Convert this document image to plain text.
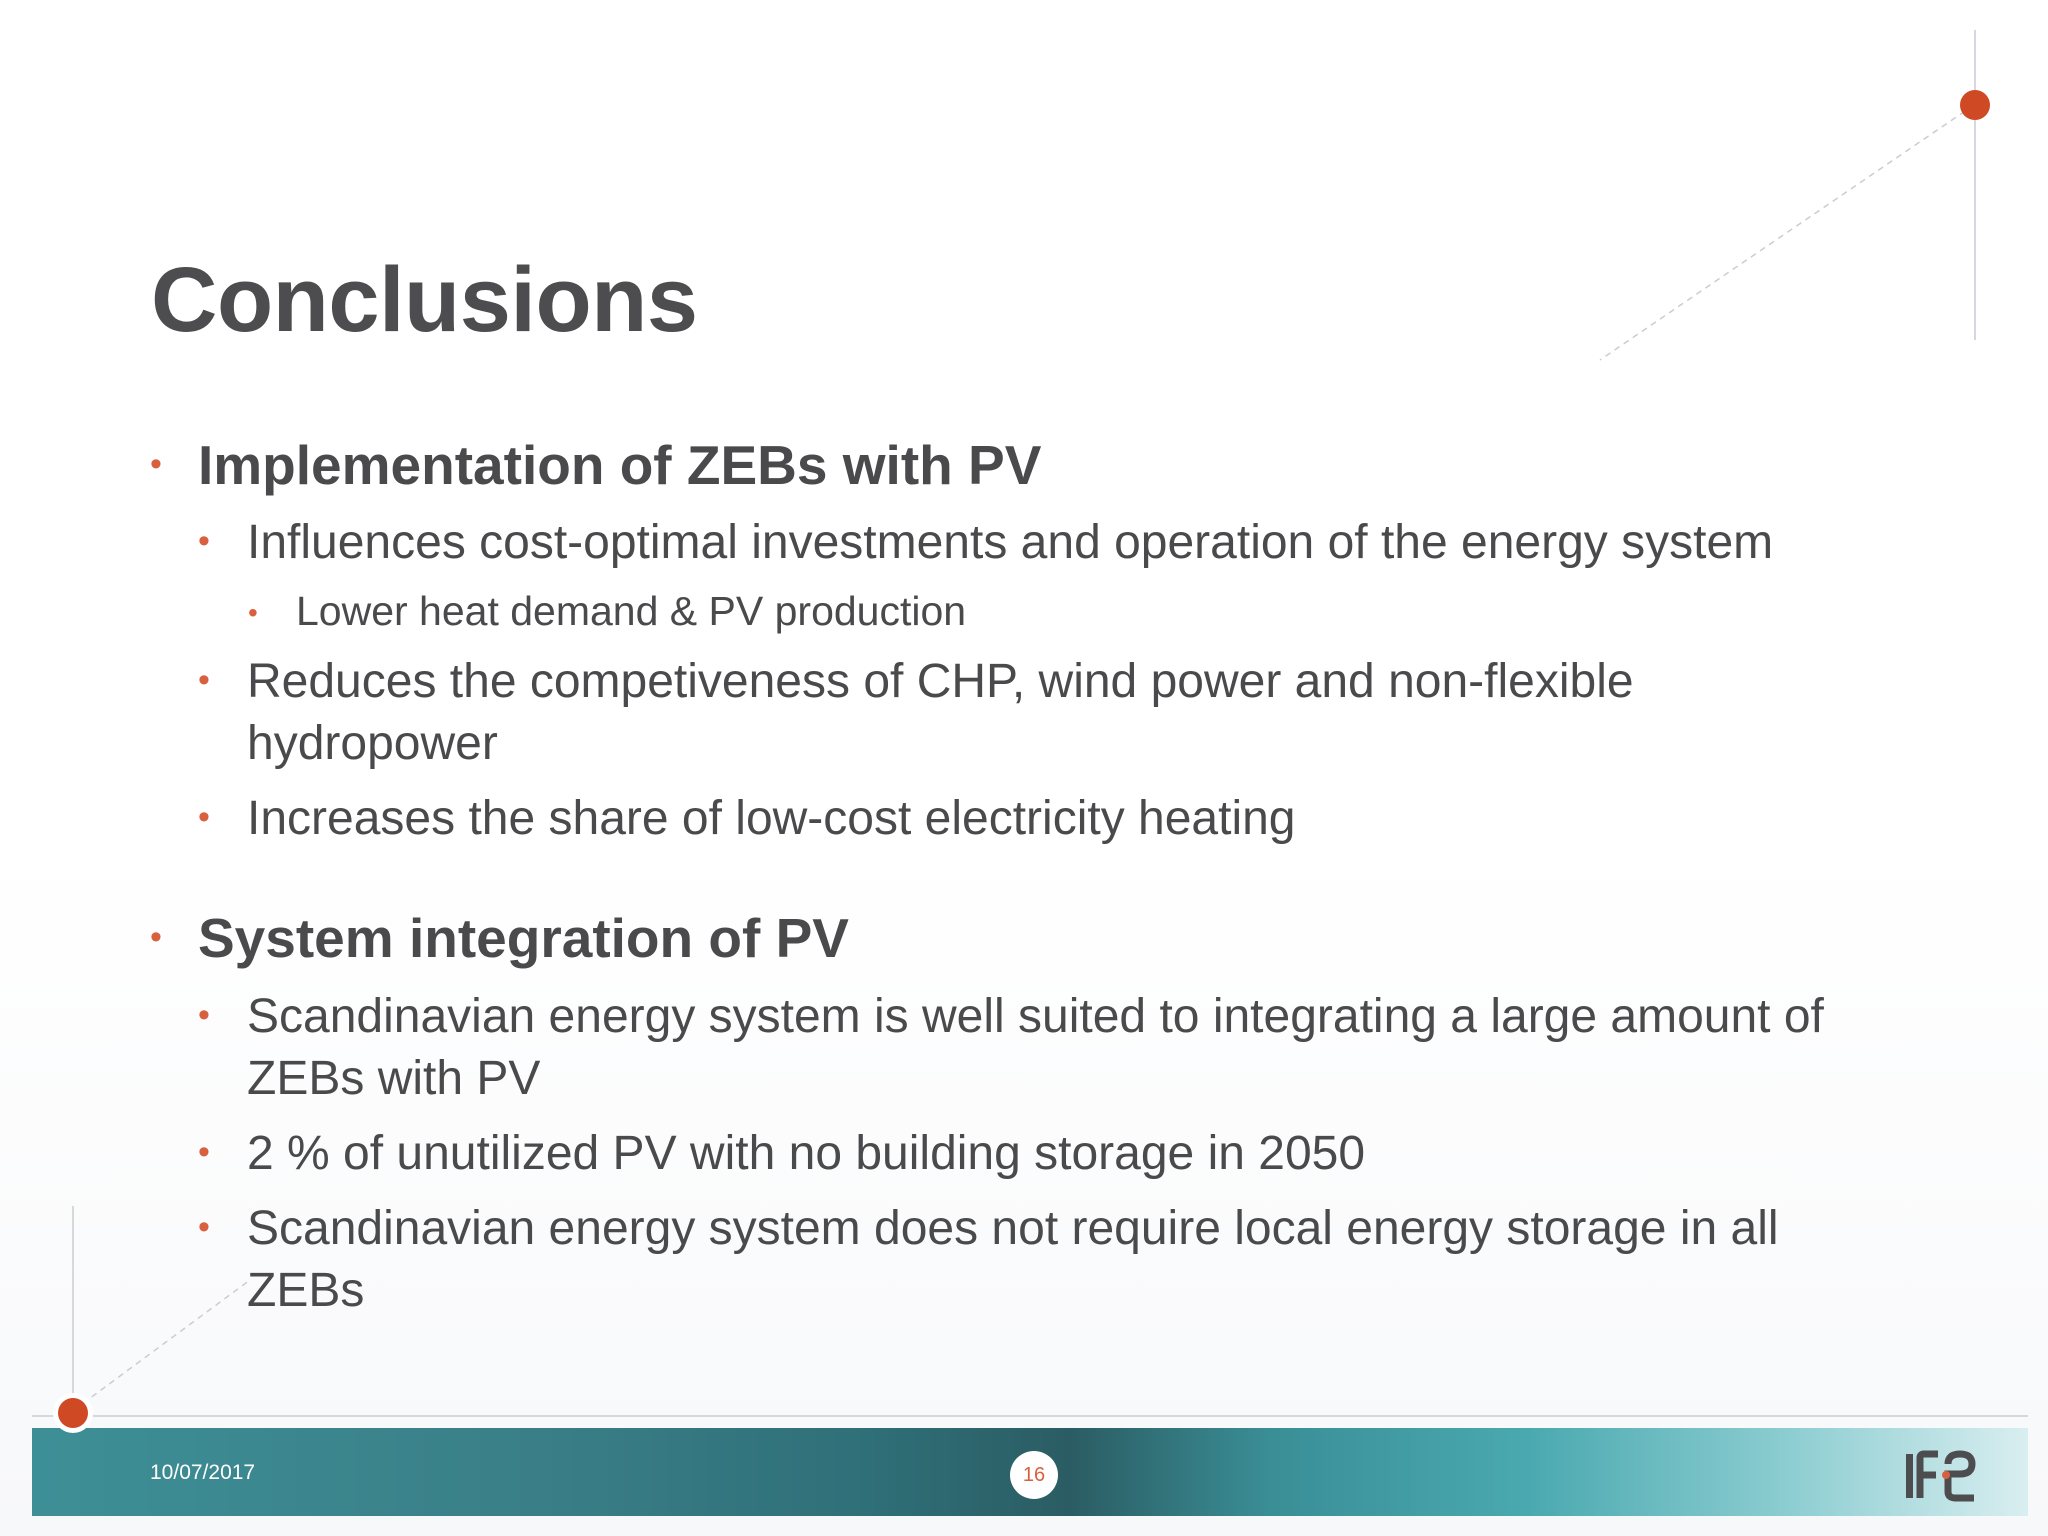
Conclusions
• Implementation of ZEBs with PV
• Influences cost-optimal investments and operation of the energy system
• Lower heat demand & PV production
• Reduces the competiveness of CHP, wind power and non-flexible
hydropower
• Increases the share of low-cost electricity heating
• System integration of PV
• Scandinavian energy system is well suited to integrating a large amount of
ZEBs with PV
• 2 % of unutilized PV with no building storage in 2050
• Scandinavian energy system does not require local energy storage in all
ZEBs
10/07/2017	16
